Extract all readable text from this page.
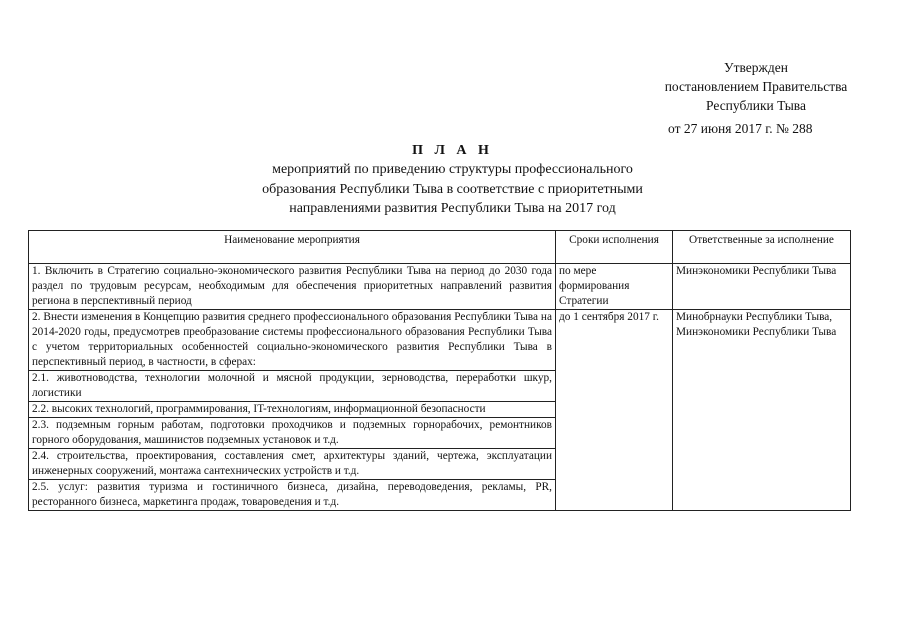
Утвержден
постановлением Правительства
Республики Тыва
от 27 июня 2017 г. № 288
П Л А Н
мероприятий по приведению структуры профессионального
образования Республики Тыва в соответствие с приоритетными
направлениями развития Республики Тыва на 2017 год
Наименование мероприятия	Сроки исполнения	Ответственные за исполнение
1. Включить в Стратегию социально-экономического развития Республики Тыва на период до 2030 года раздел по трудовым ресурсам, необходимым для обеспечения приоритетных направлений развития региона в перспективный период	по мере формирования Стратегии	Минэкономики Республики Тыва
2. Внести изменения в Концепцию развития среднего профессионального образования Республики Тыва на 2014-2020 годы, предусмотрев преобразование системы профессионального образования Республики Тыва с учетом территориальных особенностей социально-экономического развития Республики Тыва в перспективный период, в частности, в сферах:	до 1 сентября 2017 г.	Минобрнауки Республики Тыва, Минэкономики Республики Тыва
2.1. животноводства, технологии молочной и мясной продукции, зерноводства, переработки шкур, логистики		
2.2. высоких технологий, программирования, IT-технологиям, информационной безопасности		
2.3. подземным горным работам, подготовки проходчиков и подземных горнорабочих, ремонтников горного оборудования, машинистов подземных установок и т.д.		
2.4. строительства, проектирования, составления смет, архитектуры зданий, чертежа, эксплуатации инженерных сооружений, монтажа сантехнических устройств и т.д.		
2.5. услуг: развития туризма и гостиничного бизнеса, дизайна, переводоведения, рекламы, PR, ресторанного бизнеса, маркетинга продаж, товароведения и т.д.		
